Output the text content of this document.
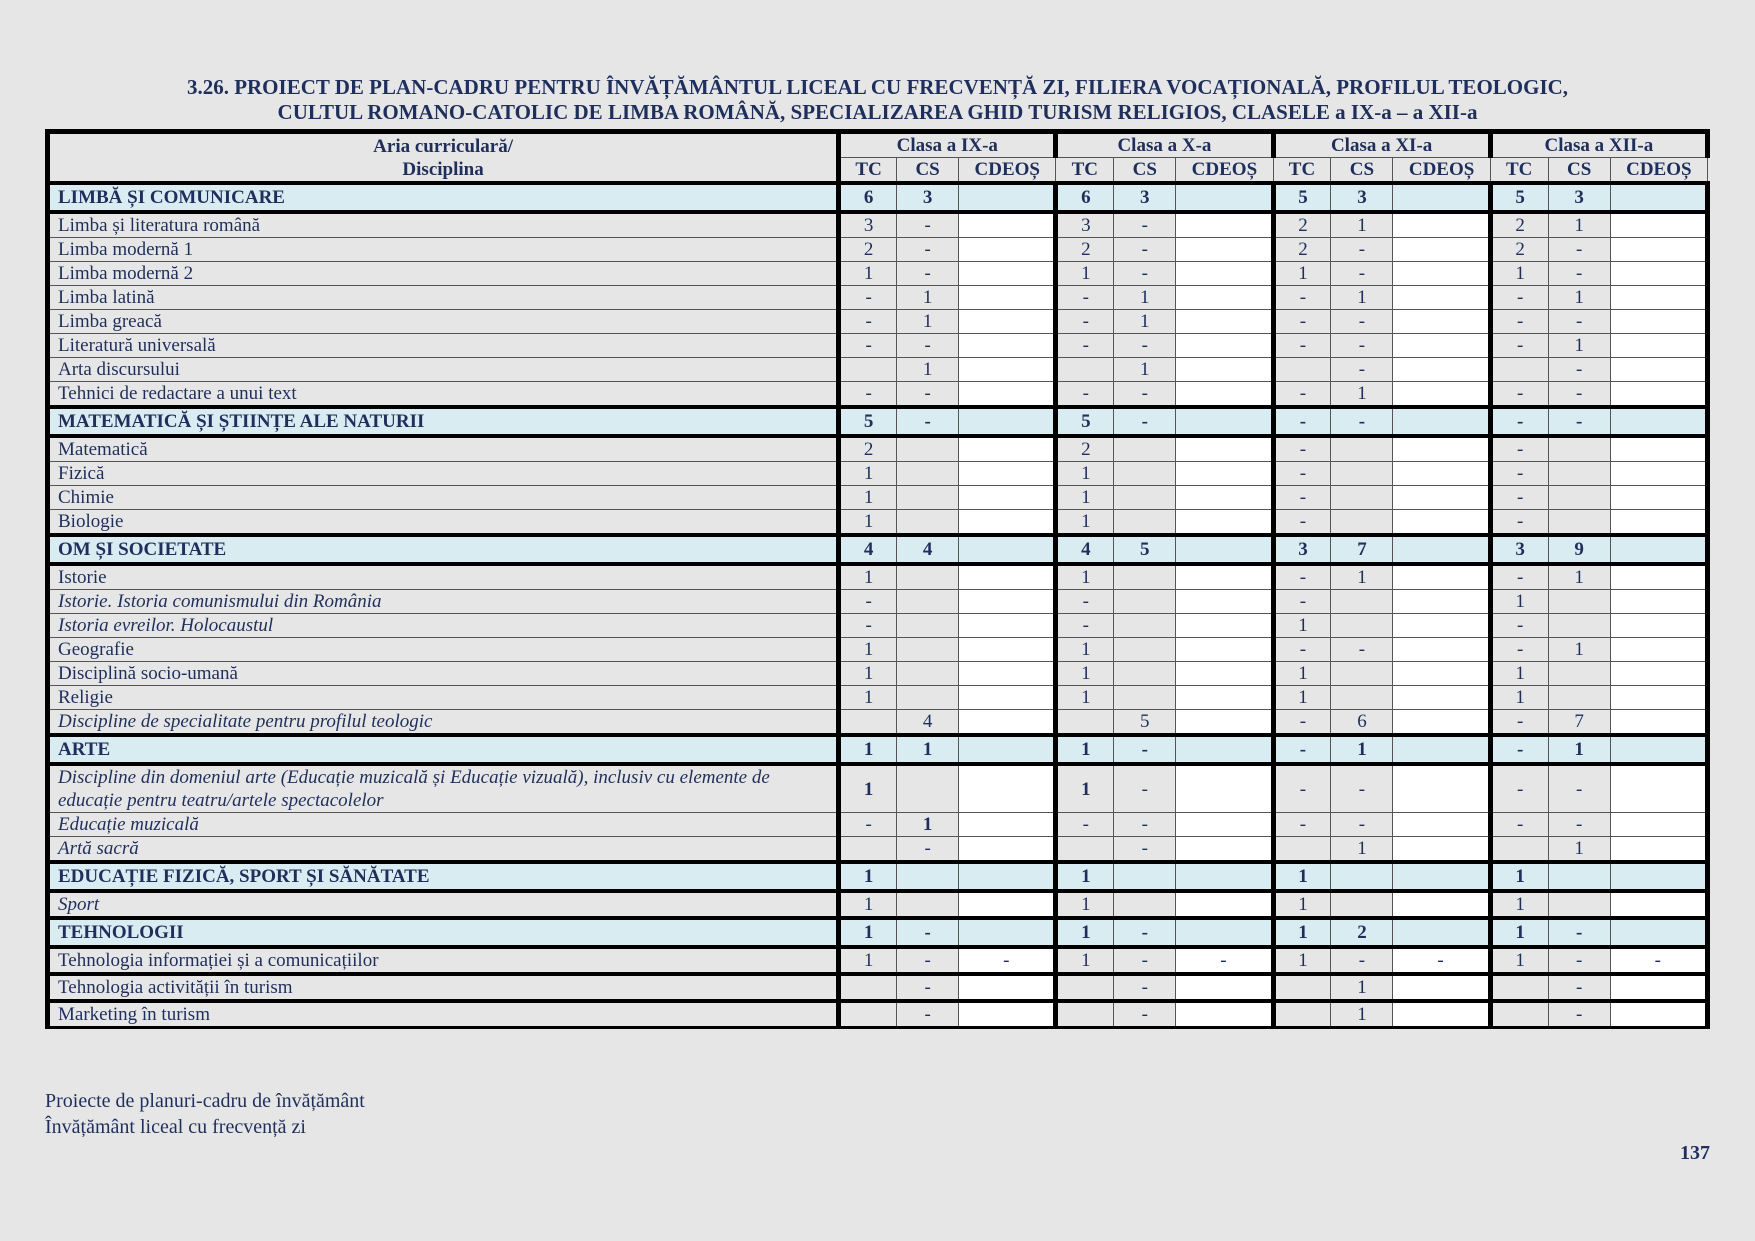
3.26. PROIECT DE PLAN-CADRU PENTRU ÎNVĂȚĂMÂNTUL LICEAL CU FRECVENȚĂ ZI, FILIERA VOCAȚIONALĂ, PROFILUL TEOLOGIC,
CULTUL ROMANO-CATOLIC DE LIMBA ROMÂNĂ, SPECIALIZAREA GHID TURISM RELIGIOS, CLASELE a IX-a – a XII-a
Aria curriculară/
Disciplina	Clasa a IX-a			Clasa a X-a			Clasa a XI-a			Clasa a XII-a		
	TC	CS	CDEOȘ	TC	CS	CDEOȘ	TC	CS	CDEOȘ	TC	CS	CDEOȘ
LIMBĂ ȘI COMUNICARE	6	3		6	3		5	3		5	3	
Limba și literatura română	3	-		3	-		2	1		2	1	
Limba modernă 1	2	-		2	-		2	-		2	-	
Limba modernă 2	1	-		1	-		1	-		1	-	
Limba latină	-	1		-	1		-	1		-	1	
Limba greacă	-	1		-	1		-	-		-	-	
Literatură universală	-	-		-	-		-	-		-	1	
Arta discursului		1			1			-			-	
Tehnici de redactare a unui text	-	-		-	-		-	1		-	-	
MATEMATICĂ ȘI ȘTIINȚE ALE NATURII	5	-		5	-		-	-		-	-	
Matematică	2			2			-			-		
Fizică	1			1			-			-		
Chimie	1			1			-			-		
Biologie	1			1			-			-		
OM ȘI SOCIETATE	4	4		4	5		3	7		3	9	
Istorie	1			1			-	1		-	1	
Istorie. Istoria comunismului din România	-			-			-			1		
Istoria evreilor. Holocaustul	-			-			1			-		
Geografie	1			1			-	-		-	1	
Disciplină socio-umană	1			1			1			1		
Religie	1			1			1			1		
Discipline de specialitate pentru profilul teologic		4			5		-	6		-	7	
ARTE	1	1		1	-		-	1		-	1	
Discipline din domeniul arte (Educație muzicală și Educație vizuală), inclusiv cu elemente de educație pentru teatru/artele spectacolelor	1			1	-		-	-		-	-	
Educație muzicală	-	1		-	-		-	-		-	-	
Artă sacră		-			-			1			1	
EDUCAȚIE FIZICĂ, SPORT ȘI SĂNĂTATE	1			1			1			1		
Sport	1			1			1			1		
TEHNOLOGII	1	-		1	-		1	2		1	-	
Tehnologia informației și a comunicațiilor	1	-	-	1	-	-	1	-	-	1	-	-
Tehnologia activității în turism		-			-			1			-	
Marketing în turism		-			-			1			-	
Proiecte de planuri-cadru de învățământ
Învățământ liceal cu frecvență zi
137
